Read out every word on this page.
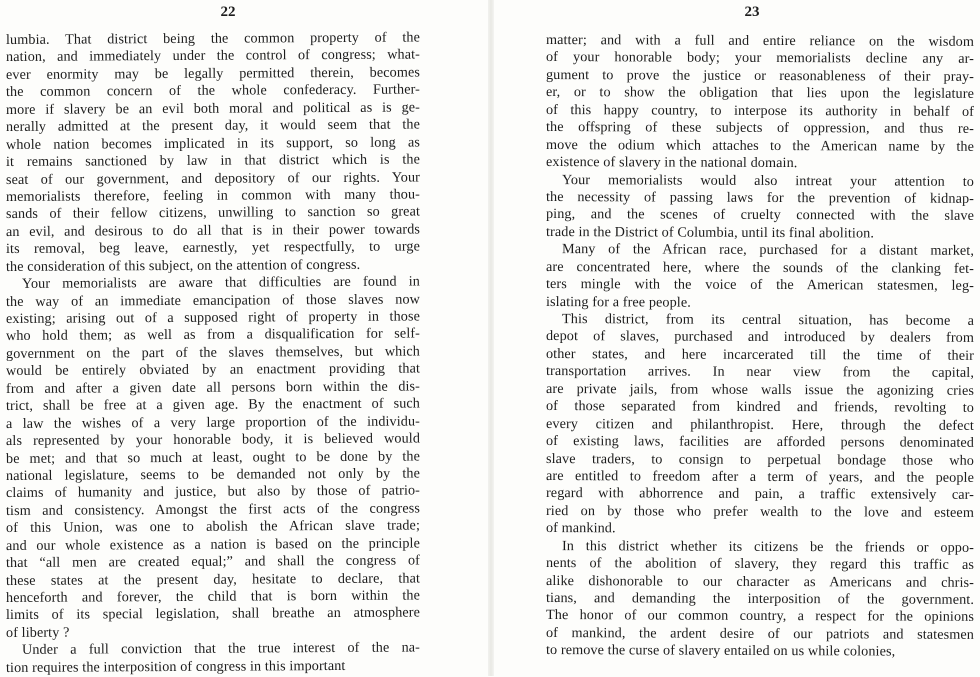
22
lumbia. That district being the common property of the
nation, and immediately under the control of congress; what-
ever enormity may be legally permitted therein, becomes
the common concern of the whole confederacy. Further-
more if slavery be an evil both moral and political as is ge-
nerally admitted at the present day, it would seem that the
whole nation becomes implicated in its support, so long as
it remains sanctioned by law in that district which is the
seat of our government, and depository of our rights. Your
memorialists therefore, feeling in common with many thou-
sands of their fellow citizens, unwilling to sanction so great
an evil, and desirous to do all that is in their power towards
its removal, beg leave, earnestly, yet respectfully, to urge
the consideration of this subject, on the attention of congress.
Your memorialists are aware that difficulties are found in
the way of an immediate emancipation of those slaves now
existing; arising out of a supposed right of property in those
who hold them; as well as from a disqualification for self-
government on the part of the slaves themselves, but which
would be entirely obviated by an enactment providing that
from and after a given date all persons born within the dis-
trict, shall be free at a given age. By the enactment of such
a law the wishes of a very large proportion of the individu-
als represented by your honorable body, it is believed would
be met; and that so much at least, ought to be done by the
national legislature, seems to be demanded not only by the
claims of humanity and justice, but also by those of patrio-
tism and consistency. Amongst the first acts of the congress
of this Union, was one to abolish the African slave trade;
and our whole existence as a nation is based on the principle
that “all men are created equal;” and shall the congress of
these states at the present day, hesitate to declare, that
henceforth and forever, the child that is born within the
limits of its special legislation, shall breathe an atmosphere
of liberty ?
Under a full conviction that the true interest of the na-
tion requires the interposition of congress in this important
23
matter; and with a full and entire reliance on the wisdom
of your honorable body; your memorialists decline any ar-
gument to prove the justice or reasonableness of their pray-
er, or to show the obligation that lies upon the legislature
of this happy country, to interpose its authority in behalf of
the offspring of these subjects of oppression, and thus re-
move the odium which attaches to the American name by the
existence of slavery in the national domain.
Your memorialists would also intreat your attention to
the necessity of passing laws for the prevention of kidnap-
ping, and the scenes of cruelty connected with the slave
trade in the District of Columbia, until its final abolition.
Many of the African race, purchased for a distant market,
are concentrated here, where the sounds of the clanking fet-
ters mingle with the voice of the American statesmen, leg-
islating for a free people.
This district, from its central situation, has become a
depot of slaves, purchased and introduced by dealers from
other states, and here incarcerated till the time of their
transportation arrives. In near view from the capital,
are private jails, from whose walls issue the agonizing cries
of those separated from kindred and friends, revolting to
every citizen and philanthropist. Here, through the defect
of existing laws, facilities are afforded persons denominated
slave traders, to consign to perpetual bondage those who
are entitled to freedom after a term of years, and the people
regard with abhorrence and pain, a traffic extensively car-
ried on by those who prefer wealth to the love and esteem
of mankind.
In this district whether its citizens be the friends or oppo-
nents of the abolition of slavery, they regard this traffic as
alike dishonorable to our character as Americans and chris-
tians, and demanding the interposition of the government.
The honor of our common country, a respect for the opinions
of mankind, the ardent desire of our patriots and statesmen
to remove the curse of slavery entailed on us while colonies,
